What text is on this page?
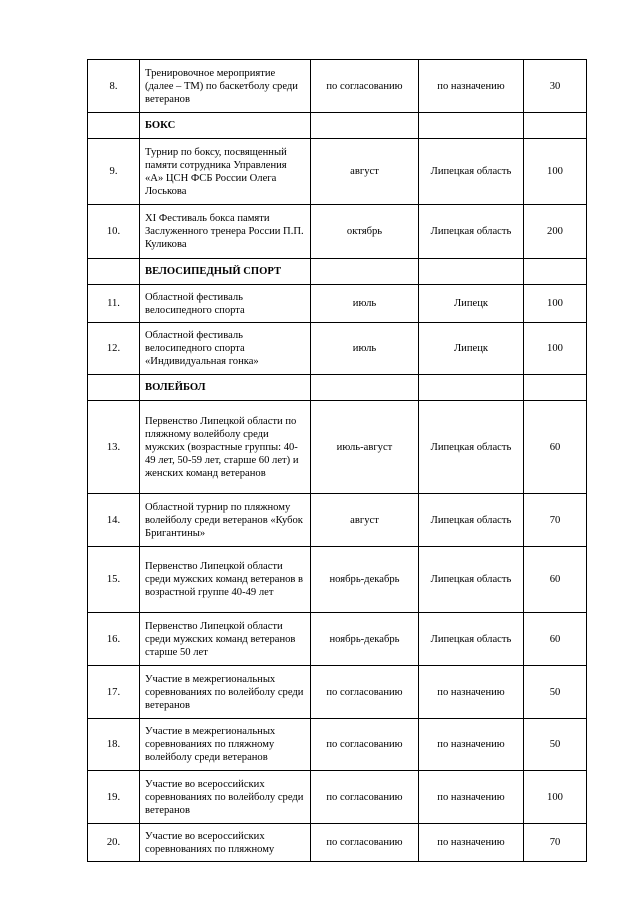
8.	Тренировочное мероприятие (далее – ТМ) по баскетболу среди ветеранов	по согласованию	по назначению	30
	БОКС			
9.	Турнир по боксу, посвященный памяти сотрудника Управления «А» ЦСН ФСБ России Олега Лоськова	август	Липецкая область	100
10.	XI Фестиваль бокса памяти Заслуженного тренера России П.П. Куликова	октябрь	Липецкая область	200
	ВЕЛОСИПЕДНЫЙ СПОРТ			
11.	Областной фестиваль велосипедного спорта	июль	Липецк	100
12.	Областной фестиваль велосипедного спорта «Индивидуальная гонка»	июль	Липецк	100
	ВОЛЕЙБОЛ			
13.	Первенство Липецкой области по пляжному волейболу среди мужских (возрастные группы: 40-49 лет, 50-59 лет, старше 60 лет) и женских команд ветеранов	июль-август	Липецкая область	60
14.	Областной турнир по пляжному волейболу среди ветеранов «Кубок Бригантины»	август	Липецкая область	70
15.	Первенство Липецкой области среди мужских команд ветеранов в возрастной группе 40-49 лет	ноябрь-декабрь	Липецкая область	60
16.	Первенство Липецкой области среди мужских команд ветеранов старше 50 лет	ноябрь-декабрь	Липецкая область	60
17.	Участие в межрегиональных соревнованиях по волейболу среди ветеранов	по согласованию	по назначению	50
18.	Участие в межрегиональных соревнованиях по пляжному волейболу среди ветеранов	по согласованию	по назначению	50
19.	Участие во всероссийских соревнованиях по волейболу среди ветеранов	по согласованию	по назначению	100
20.	Участие во всероссийских соревнованиях по пляжному	по согласованию	по назначению	70
